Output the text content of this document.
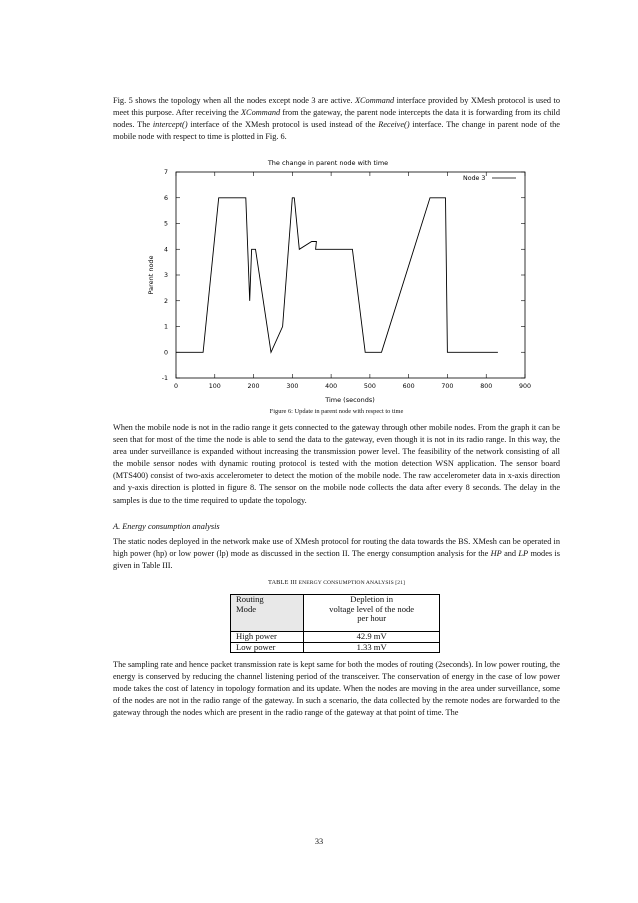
Fig. 5 shows the topology when all the nodes except node 3 are active. XCommand interface provided by XMesh protocol is used to meet this purpose. After receiving the XCommand from the gateway, the parent node intercepts the data it is forwarding from its child nodes. The intercept() interface of the XMesh protocol is used instead of the Receive() interface. The change in parent node of the mobile node with respect to time is plotted in Fig. 6.

The change in parent node with time
0	100	200	300	400	500	600	700	800	900
-1
0
1
2
3
4
5
6
7
Node 3
Parent node
Time (seconds)

Figure 6: Update in parent node with respect to time

When the mobile node is not in the radio range it gets connected to the gateway through other mobile nodes. From the graph it can be seen that for most of the time the node is able to send the data to the gateway, even though it is not in its radio range. In this way, the area under surveillance is expanded without increasing the transmission power level. The feasibility of the network consisting of all the mobile sensor nodes with dynamic routing protocol is tested with the motion detection WSN application. The sensor board (MTS400) consist of two-axis accelerometer to detect the motion of the mobile node. The raw accelerometer data in x-axis direction and y-axis direction is plotted in figure 8. The sensor on the mobile node collects the data after every 8 seconds. The delay in the samples is due to the time required to update the topology.

A. Energy consumption analysis

The static nodes deployed in the network make use of XMesh protocol for routing the data towards the BS. XMesh can be operated in high power (hp) or low power (lp) mode as discussed in the section II. The energy consumption analysis for the HP and LP modes is given in Table III.

TABLE III ENERGY CONSUMPTION ANALYSIS [21]

Routing
Mode	Depletion in
voltage level of the node
per hour
High power	42.9 mV
Low power	1.33 mV

The sampling rate and hence packet transmission rate is kept same for both the modes of routing (2seconds). In low power routing, the energy is conserved by reducing the channel listening period of the transceiver. The conservation of energy in the case of low power mode takes the cost of latency in topology formation and its update. When the nodes are moving in the area under surveillance, some of the nodes are not in the radio range of the gateway. In such a scenario, the data collected by the remote nodes are forwarded to the gateway through the nodes which are present in the radio range of the gateway at that point of time. The

33
